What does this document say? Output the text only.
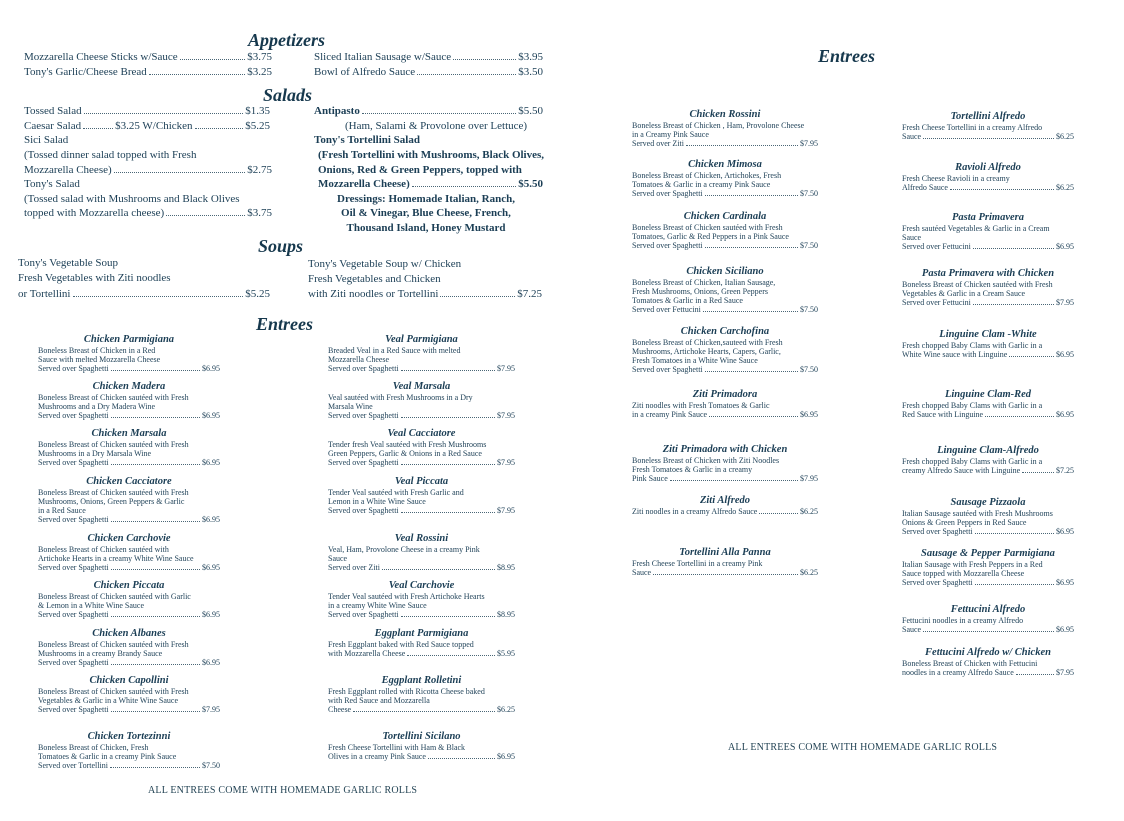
Appetizers
Mozzarella Cheese Sticks w/Sauce	$3.75
Tony's Garlic/Cheese Bread	$3.25
Sliced Italian Sausage w/Sauce	$3.95
Bowl of Alfredo Sauce	$3.50
Salads
Tossed Salad	$1.35
Caesar Salad	$3.25 W/Chicken	$5.25
Sici Salad
(Tossed dinner salad topped with Fresh
Mozzarella Cheese)	$2.75
Tony's Salad
(Tossed salad with Mushrooms and Black Olives
topped with Mozzarella cheese)	$3.75
Antipasto	$5.50
(Ham, Salami & Provolone over Lettuce)
Tony's Tortellini Salad
(Fresh Tortellini with Mushrooms, Black Olives,
Onions, Red & Green Peppers, topped with
Mozzarella Cheese)	$5.50
Dressings: Homemade Italian, Ranch,
Oil & Vinegar, Blue Cheese, French,
Thousand Island, Honey Mustard
Soups
Tony's Vegetable Soup
Fresh Vegetables with Ziti noodles
or Tortellini	$5.25
Tony's Vegetable Soup w/ Chicken
Fresh Vegetables and Chicken
with Ziti noodles or Tortellini	$7.25
Entrees
ALL ENTREES COME WITH HOMEMADE GARLIC ROLLS
Entrees
ALL ENTREES COME WITH HOMEMADE GARLIC ROLLS
Chicken Parmigiana
Boneless Breast of Chicken in a Red
Sauce with melted Mozzarella Cheese
Served over Spaghetti	$6.95
Chicken Madera
Boneless Breast of Chicken sautéed with Fresh
Mushrooms and a Dry Madera Wine
Served over Spaghetti	$6.95
Chicken Marsala
Boneless Breast of Chicken sautéed with Fresh
Mushrooms in a Dry Marsala Wine
Served over Spaghetti	$6.95
Chicken Cacciatore
Boneless Breast of Chicken sautéed with Fresh
Mushrooms, Onions, Green Peppers & Garlic
in a Red Sauce
Served over Spaghetti	$6.95
Chicken Carchovie
Boneless Breast of Chicken sautéed with
Artichoke Hearts in a creamy White Wine Sauce
Served over Spaghetti	$6.95
Chicken Piccata
Boneless Breast of Chicken sautéed with Garlic
& Lemon in a White Wine Sauce
Served over Spaghetti	$6.95
Chicken Albanes
Boneless Breast of Chicken sautéed with Fresh
Mushrooms in a creamy Brandy Sauce
Served over Spaghetti	$6.95
Chicken Capollini
Boneless Breast of Chicken sautéed with Fresh
Vegetables & Garlic in a White Wine Sauce
Served over Spaghetti	$7.95
Chicken Tortezinni
Boneless Breast of Chicken, Fresh
Tomatoes & Garlic in a creamy Pink Sauce
Served over Tortellini	$7.50
Veal Parmigiana
Breaded Veal in a Red Sauce with melted
Mozzarella Cheese
Served over Spaghetti	$7.95
Veal Marsala
Veal sautéed with Fresh Mushrooms in a Dry
Marsala Wine
Served over Spaghetti	$7.95
Veal Cacciatore
Tender fresh Veal sautéed with Fresh Mushrooms
Green Peppers, Garlic & Onions in a Red Sauce
Served over Spaghetti	$7.95
Veal Piccata
Tender Veal sautéed with Fresh Garlic and
Lemon in a White Wine Sauce
Served over Spaghetti	$7.95
Veal Rossini
Veal, Ham, Provolone Cheese in a creamy Pink
Sauce
Served over Ziti	$8.95
Veal Carchovie
Tender Veal sautéed with Fresh Artichoke Hearts
in a creamy White Wine Sauce
Served over Spaghetti	$8.95
Eggplant Parmigiana
Fresh Eggplant baked with Red Sauce topped
with Mozzarella Cheese	$5.95
Eggplant Rolletini
Fresh Eggplant rolled with Ricotta Cheese baked
with Red Sauce and Mozzarella
Cheese	$6.25
Tortellini Sicilano
Fresh Cheese Tortellini with Ham & Black
Olives in a creamy Pink Sauce	$6.95
Chicken Rossini
Boneless Breast of Chicken , Ham, Provolone Cheese
in a Creamy Pink Sauce
Served over Ziti	$7.95
Chicken Mimosa
Boneless Breast of Chicken, Artichokes, Fresh
Tomatoes & Garlic in a creamy Pink Sauce
Served over Spaghetti	$7.50
Chicken Cardinala
Boneless Breast of Chicken sautéed with Fresh
Tomatoes, Garlic & Red Peppers in a Pink Sauce
Served over Spaghetti	$7.50
Chicken Siciliano
Boneless Breast of Chicken, Italian Sausage,
Fresh Mushrooms, Onions, Green Peppers
Tomatoes & Garlic in a Red Sauce
Served over Fettucini	$7.50
Chicken Carchofina
Boneless Breast of Chicken,sauteed with Fresh
Mushrooms, Artichoke Hearts, Capers, Garlic,
Fresh Tomatoes in a White Wine Sauce
Served over Spaghetti	$7.50
Ziti Primadora
Ziti noodles with Fresh Tomatoes & Garlic
in a creamy Pink Sauce	$6.95
Ziti Primadora with Chicken
Boneless Breast of Chicken with Ziti Noodles
Fresh Tomatoes & Garlic in a creamy
Pink Sauce	$7.95
Ziti Alfredo
Ziti noodles in a creamy Alfredo Sauce	$6.25
Tortellini Alla Panna
Fresh Cheese Tortellini in a creamy Pink
Sauce	$6.25
Tortellini Alfredo
Fresh Cheese Tortellini in a creamy Alfredo
Sauce	$6.25
Ravioli Alfredo
Fresh Cheese Ravioli in a creamy
Alfredo Sauce	$6.25
Pasta Primavera
Fresh sautéed Vegetables & Garlic in a Cream
Sauce
Served over Fettucini	$6.95
Pasta Primavera with Chicken
Boneless Breast of Chicken sautéed with Fresh
Vegetables & Garlic in a Cream Sauce
Served over Fettucini	$7.95
Linguine Clam -White
Fresh chopped Baby Clams with Garlic in a
White Wine sauce with Linguine	$6.95
Linguine Clam-Red
Fresh chopped Baby Clams with Garlic in a
Red Sauce with Linguine	$6.95
Linguine Clam-Alfredo
Fresh chopped Baby Clams with Garlic in a
creamy Alfredo Sauce with Linguine	$7.25
Sausage Pizzaola
Italian Sausage sautéed with Fresh Mushrooms
Onions & Green Peppers in Red Sauce
Served over Spaghetti	$6.95
Sausage & Pepper Parmigiana
Italian Sausage with Fresh Peppers in a Red
Sauce topped with Mozzarella Cheese
Served over Spaghetti	$6.95
Fettucini Alfredo
Fettucini noodles in a creamy Alfredo
Sauce	$6.95
Fettucini Alfredo w/ Chicken
Boneless Breast of Chicken with Fettucini
noodles in a creamy Alfredo Sauce	$7.95
